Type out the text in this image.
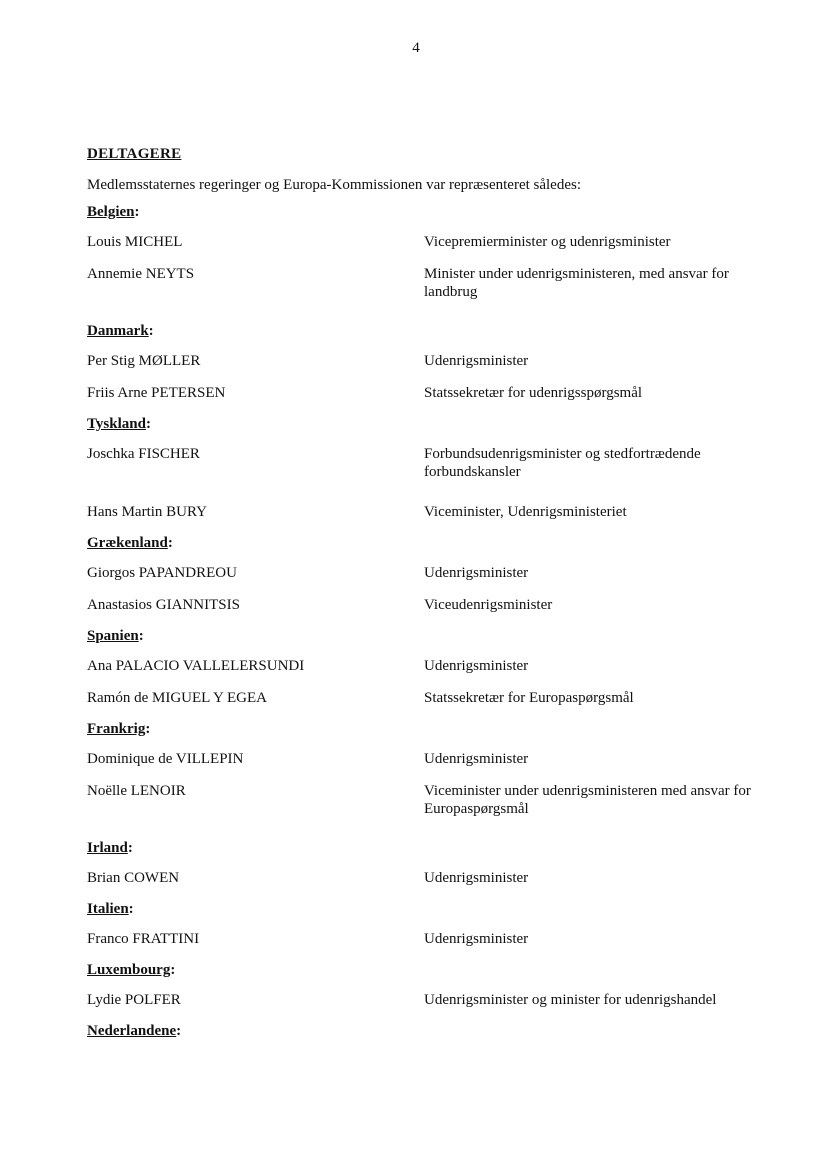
4
DELTAGERE
Medlemsstaternes regeringer og Europa-Kommissionen var repræsenteret således:
Belgien:
Louis MICHEL	Vicepremierminister og udenrigsminister
Annemie NEYTS	Minister under udenrigsministeren, med ansvar for landbrug
Danmark:
Per Stig MØLLER	Udenrigsminister
Friis Arne PETERSEN	Statssekretær for udenrigsspørgsmål
Tyskland:
Joschka FISCHER	Forbundsudenrigsminister og stedfortrædende forbundskansler
Hans Martin BURY	Viceminister, Udenrigsministeriet
Grækenland:
Giorgos PAPANDREOU	Udenrigsminister
Anastasios GIANNITSIS	Viceudenrigsminister
Spanien:
Ana PALACIO VALLELERSUNDI	Udenrigsminister
Ramón de MIGUEL Y EGEA	Statssekretær for Europaspørgsmål
Frankrig:
Dominique de VILLEPIN	Udenrigsminister
Noëlle LENOIR	Viceminister under udenrigsministeren med ansvar for Europaspørgsmål
Irland:
Brian COWEN	Udenrigsminister
Italien:
Franco FRATTINI	Udenrigsminister
Luxembourg:
Lydie POLFER	Udenrigsminister og minister for udenrigshandel
Nederlandene:
